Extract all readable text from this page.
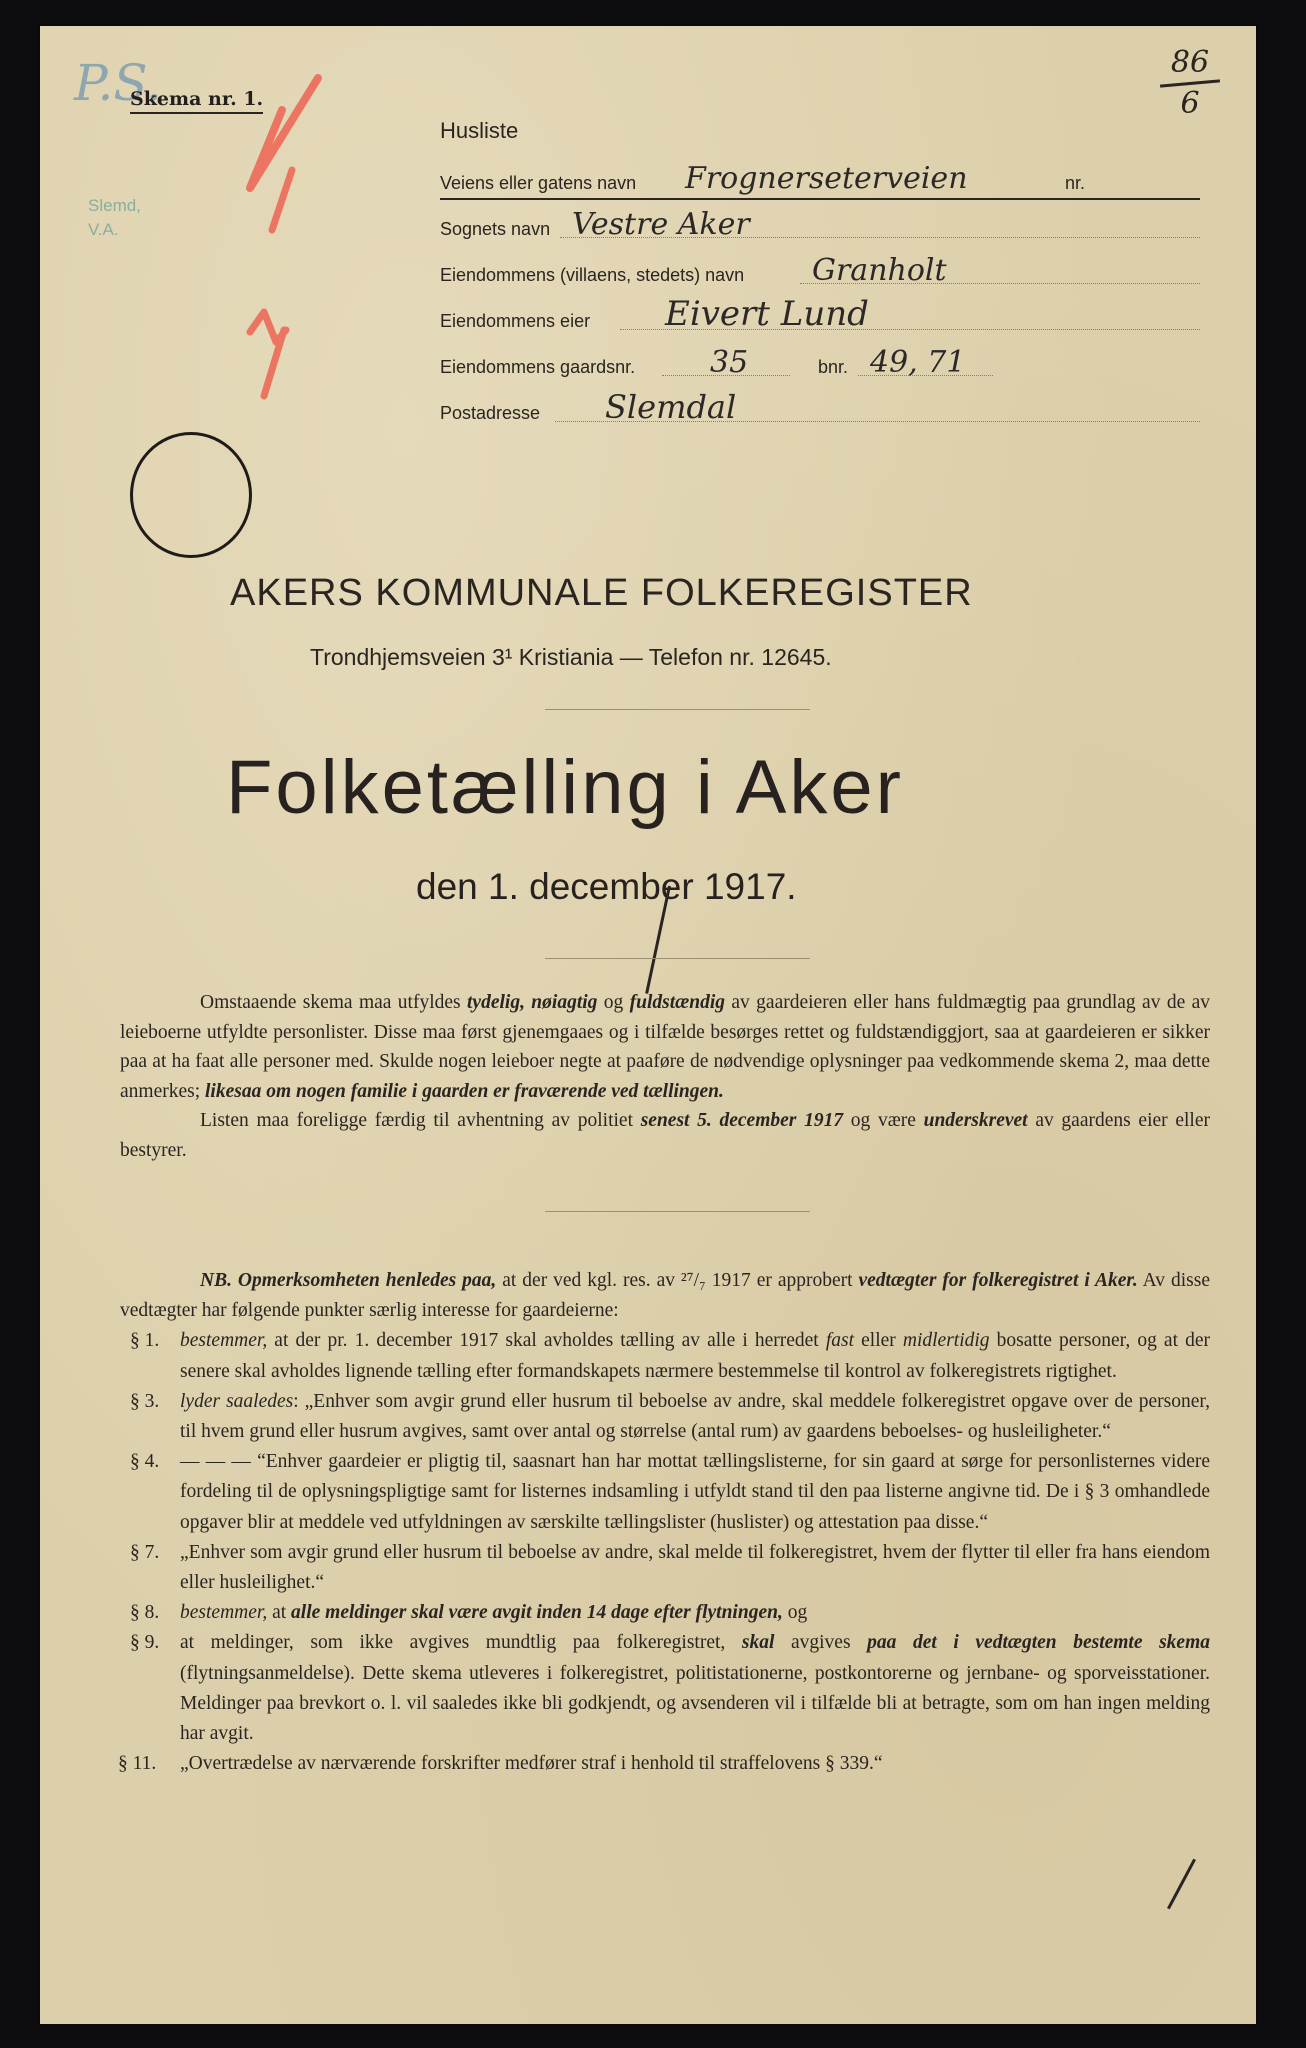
P.S.
Slemd,
V.A.
Skema nr. 1.
86
6
Husliste
Veiens eller gatens navn Frognerseterveien	nr.
Sognets navn Vestre Aker
Eiendommens (villaens, stedets) navn Granholt
Eiendommens eier Eivert Lund
Eiendommens gaardsnr. 35	bnr. 49, 71
Postadresse Slemdal
AKERS KOMMUNALE FOLKEREGISTER
Trondhjemsveien 3¹ Kristiania — Telefon nr. 12645.
Folketælling i Aker
den 1. december 1917.

Omstaaende skema maa utfyldes tydelig, nøiagtig og fuldstændig av gaardeieren eller hans fuldmægtig paa grundlag av de av leieboerne utfyldte personlister. Disse maa først gjenemgaaes og i tilfælde besørges rettet og fuldstændiggjort, saa at gaardeieren er sikker paa at ha faat alle personer med. Skulde nogen leieboer negte at paaføre de nødvendige oplysninger paa vedkommende skema 2, maa dette anmerkes; likesaa om nogen familie i gaarden er fraværende ved tællingen.

Listen maa foreligge færdig til avhentning av politiet senest 5. december 1917 og være underskrevet av gaardens eier eller bestyrer.

NB. Opmerksomheten henledes paa, at der ved kgl. res. av ²⁷/₇ 1917 er approbert vedtægter for folkeregistret i Aker. Av disse vedtægter har følgende punkter særlig interesse for gaardeierne:

§ 1. bestemmer, at der pr. 1. december 1917 skal avholdes tælling av alle i herredet fast eller midlertidig bosatte personer, og at der senere skal avholdes lignende tælling efter formandskapets nærmere bestemmelse til kontrol av folkeregistrets rigtighet.

§ 3. lyder saaledes: „Enhver som avgir grund eller husrum til beboelse av andre, skal meddele folkeregistret opgave over de personer, til hvem grund eller husrum avgives, samt over antal og størrelse (antal rum) av gaardens beboelses- og husleiligheter.“

§ 4. — — — “Enhver gaardeier er pligtig til, saasnart han har mottat tællingslisterne, for sin gaard at sørge for personlisternes videre fordeling til de oplysningspligtige samt for listernes indsamling i utfyldt stand til den paa listerne angivne tid. De i § 3 omhandlede opgaver blir at meddele ved utfyldningen av særskilte tællingslister (huslister) og attestation paa disse.“

§ 7. „Enhver som avgir grund eller husrum til beboelse av andre, skal melde til folkeregistret, hvem der flytter til eller fra hans eiendom eller husleilighet.“

§ 8. bestemmer, at alle meldinger skal være avgit inden 14 dage efter flytningen, og

§ 9. at meldinger, som ikke avgives mundtlig paa folkeregistret, skal avgives paa det i vedtægten bestemte skema (flytningsanmeldelse). Dette skema utleveres i folkeregistret, politistationerne, postkontorerne og jernbane- og sporveisstationer. Meldinger paa brevkort o. l. vil saaledes ikke bli godkjendt, og avsenderen vil i tilfælde bli at betragte, som om han ingen melding har avgit.

§ 11. „Overtrædelse av nærværende forskrifter medfører straf i henhold til straffelovens § 339.“
